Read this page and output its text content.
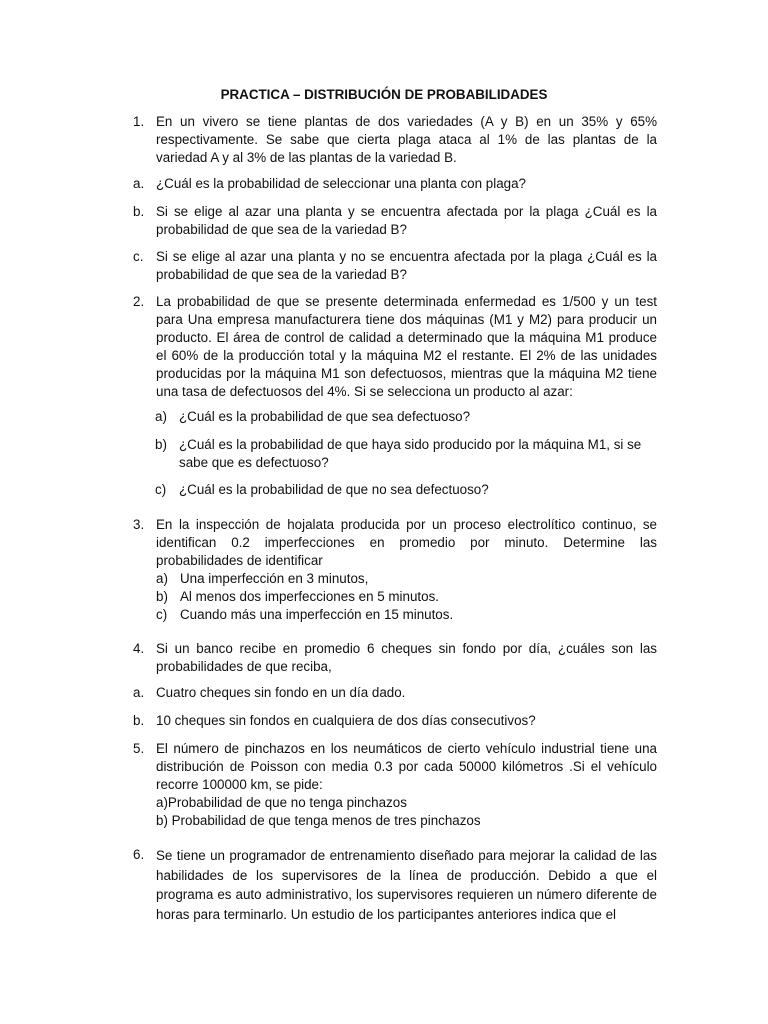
PRACTICA – DISTRIBUCIÓN DE PROBABILIDADES
1. En un vivero se tiene plantas de dos variedades (A y B) en un 35% y 65% respectivamente. Se sabe que cierta plaga ataca al 1% de las plantas de la variedad A y al 3% de las plantas de la variedad B.
a. ¿Cuál es la probabilidad de seleccionar una planta con plaga?
b. Si se elige al azar una planta y se encuentra afectada por la plaga ¿Cuál es la probabilidad de que sea de la variedad B?
c. Si se elige al azar una planta y no se encuentra afectada por la plaga ¿Cuál es la probabilidad de que sea de la variedad B?
2. La probabilidad de que se presente determinada enfermedad es 1/500 y un test para Una empresa manufacturera tiene dos máquinas (M1 y M2) para producir un producto. El área de control de calidad a determinado que la máquina M1 produce el 60% de la producción total y la máquina M2 el restante. El 2% de las unidades producidas por la máquina M1 son defectuosos, mientras que la máquina M2 tiene una tasa de defectuosos del 4%. Si se selecciona un producto al azar:
a) ¿Cuál es la probabilidad de que sea defectuoso?
b) ¿Cuál es la probabilidad de que haya sido producido por la máquina M1, si se sabe que es defectuoso?
c) ¿Cuál es la probabilidad de que no sea defectuoso?
3. En la inspección de hojalata producida por un proceso electrolítico continuo, se identifican 0.2 imperfecciones en promedio por minuto. Determine las probabilidades de identificar
a) Una imperfección en 3 minutos,
b) Al menos dos imperfecciones en 5 minutos.
c) Cuando más una imperfección en 15 minutos.
4. Si un banco recibe en promedio 6 cheques sin fondo por día, ¿cuáles son las probabilidades de que reciba,
a. Cuatro cheques sin fondo en un día dado.
b. 10 cheques sin fondos en cualquiera de dos días consecutivos?
5. El número de pinchazos en los neumáticos de cierto vehículo industrial tiene una distribución de Poisson con media 0.3 por cada 50000 kilómetros .Si el vehículo recorre 100000 km, se pide:
a)Probabilidad de que no tenga pinchazos
b) Probabilidad de que tenga menos de tres pinchazos
6. Se tiene un programador de entrenamiento diseñado para mejorar la calidad de las habilidades de los supervisores de la línea de producción. Debido a que el programa es auto administrativo, los supervisores requieren un número diferente de horas para terminarlo. Un estudio de los participantes anteriores indica que el
